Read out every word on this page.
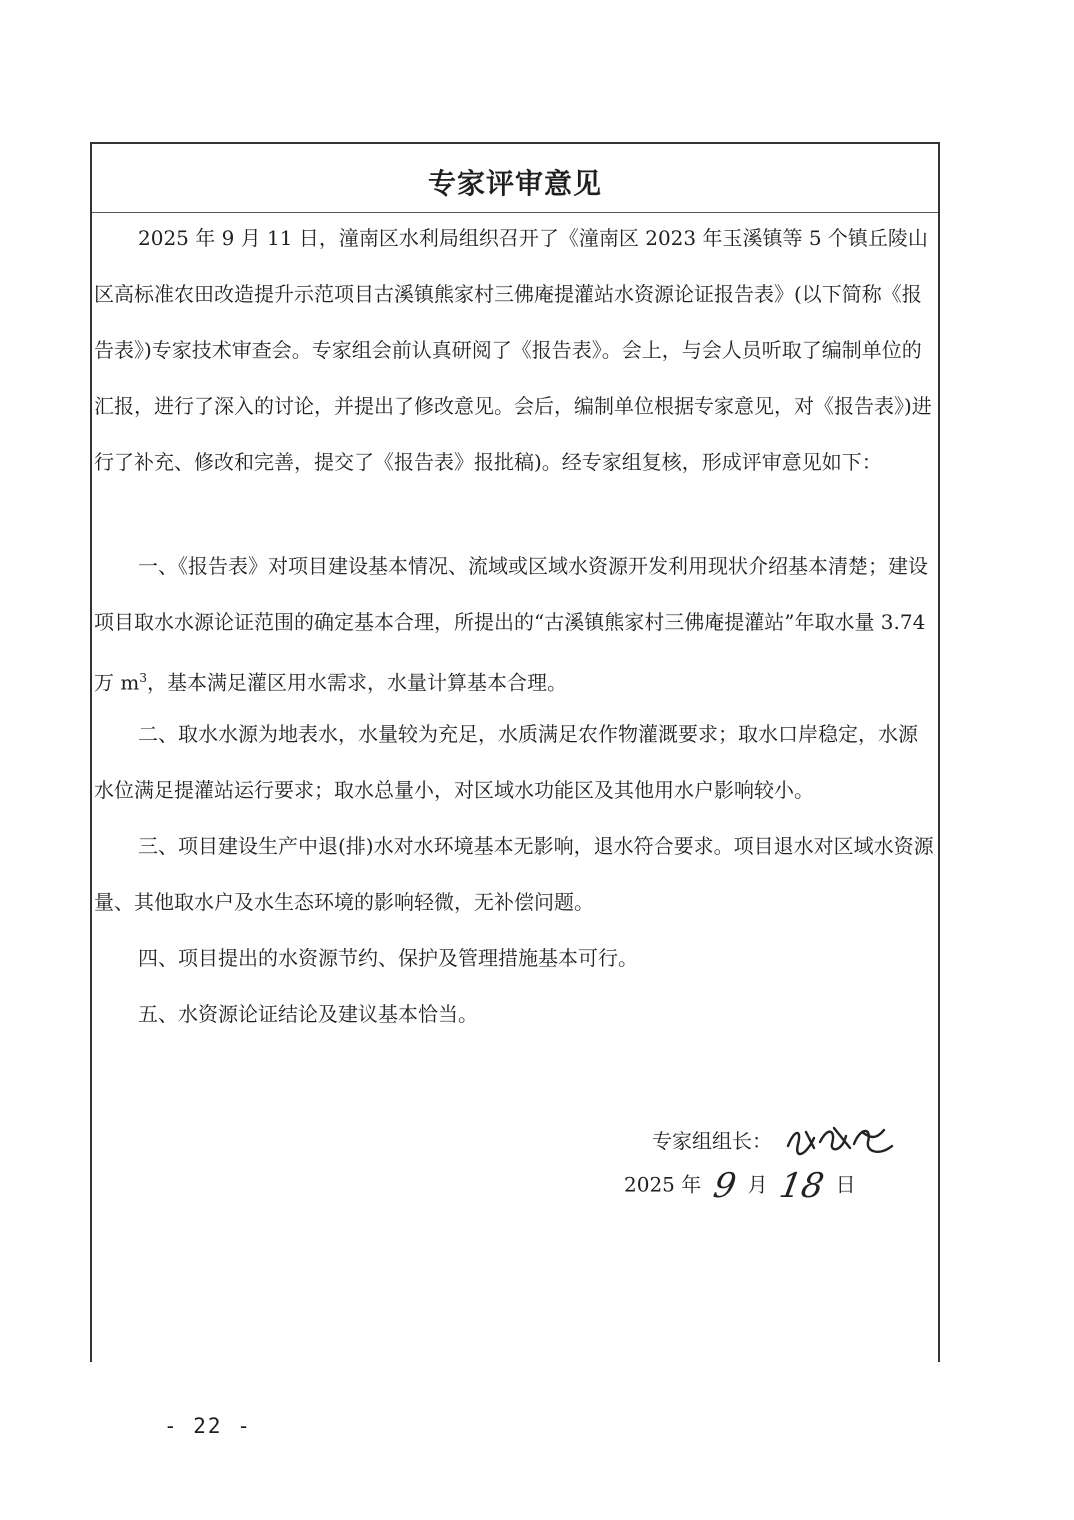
专家评审意见

2025 年 9 月 11 日，潼南区水利局组织召开了《潼南区 2023 年玉溪镇等 5 个镇丘陵山区高标准农田改造提升示范项目古溪镇熊家村三佛庵提灌站水资源论证报告表》(以下简称《报告表》)专家技术审查会。专家组会前认真研阅了《报告表》。会上，与会人员听取了编制单位的汇报，进行了深入的讨论，并提出了修改意见。会后，编制单位根据专家意见，对《报告表》)进行了补充、修改和完善，提交了《报告表》报批稿)。经专家组复核，形成评审意见如下：

一、《报告表》对项目建设基本情况、流域或区域水资源开发利用现状介绍基本清楚；建设项目取水水源论证范围的确定基本合理，所提出的“古溪镇熊家村三佛庵提灌站”年取水量 3.74 万 $m^3$，基本满足灌区用水需求，水量计算基本合理。

二、取水水源为地表水，水量较为充足，水质满足农作物灌溉要求；取水口岸稳定，水源水位满足提灌站运行要求；取水总量小，对区域水功能区及其他用水户影响较小。

三、项目建设生产中退(排)水对水环境基本无影响，退水符合要求。项目退水对区域水资源量、其他取水户及水生态环境的影响轻微，无补偿问题。

四、项目提出的水资源节约、保护及管理措施基本可行。

五、水资源论证结论及建议基本恰当。

专家组组长：
2025 年 9 月 18 日
- 22 -
